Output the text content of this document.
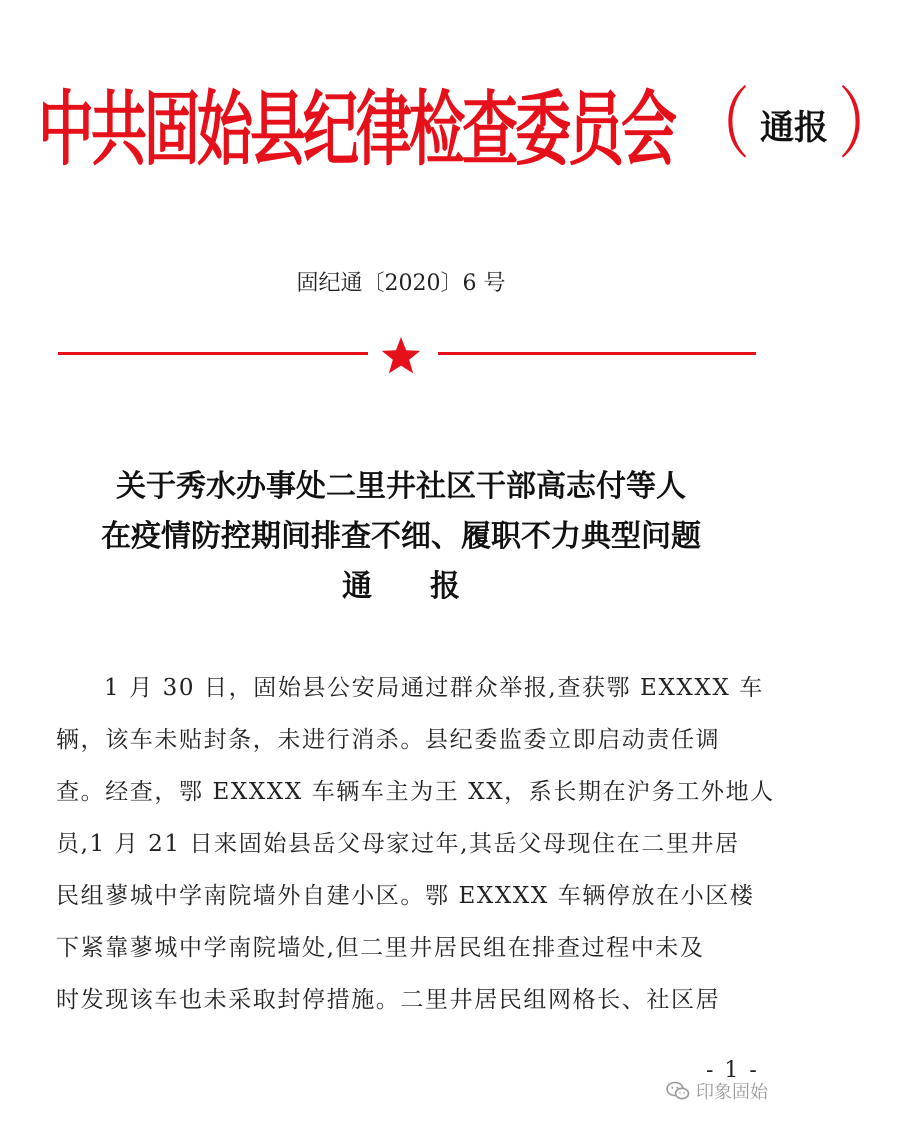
中共固始县纪律检查委员会 （ 通报 ）
固纪通〔2020〕6 号
关于秀水办事处二里井社区干部高志付等人
在疫情防控期间排查不细、履职不力典型问题
通 报
1 月 30 日，固始县公安局通过群众举报,查获鄂 EXXXX 车
辆，该车未贴封条，未进行消杀。县纪委监委立即启动责任调
查。经查，鄂 EXXXX 车辆车主为王 XX，系长期在沪务工外地人
员,1 月 21 日来固始县岳父母家过年,其岳父母现住在二里井居
民组蓼城中学南院墙外自建小区。鄂 EXXXX 车辆停放在小区楼
下紧靠蓼城中学南院墙处,但二里井居民组在排查过程中未及
时发现该车也未采取封停措施。二里井居民组网格长、社区居
- 1 -
印象固始
